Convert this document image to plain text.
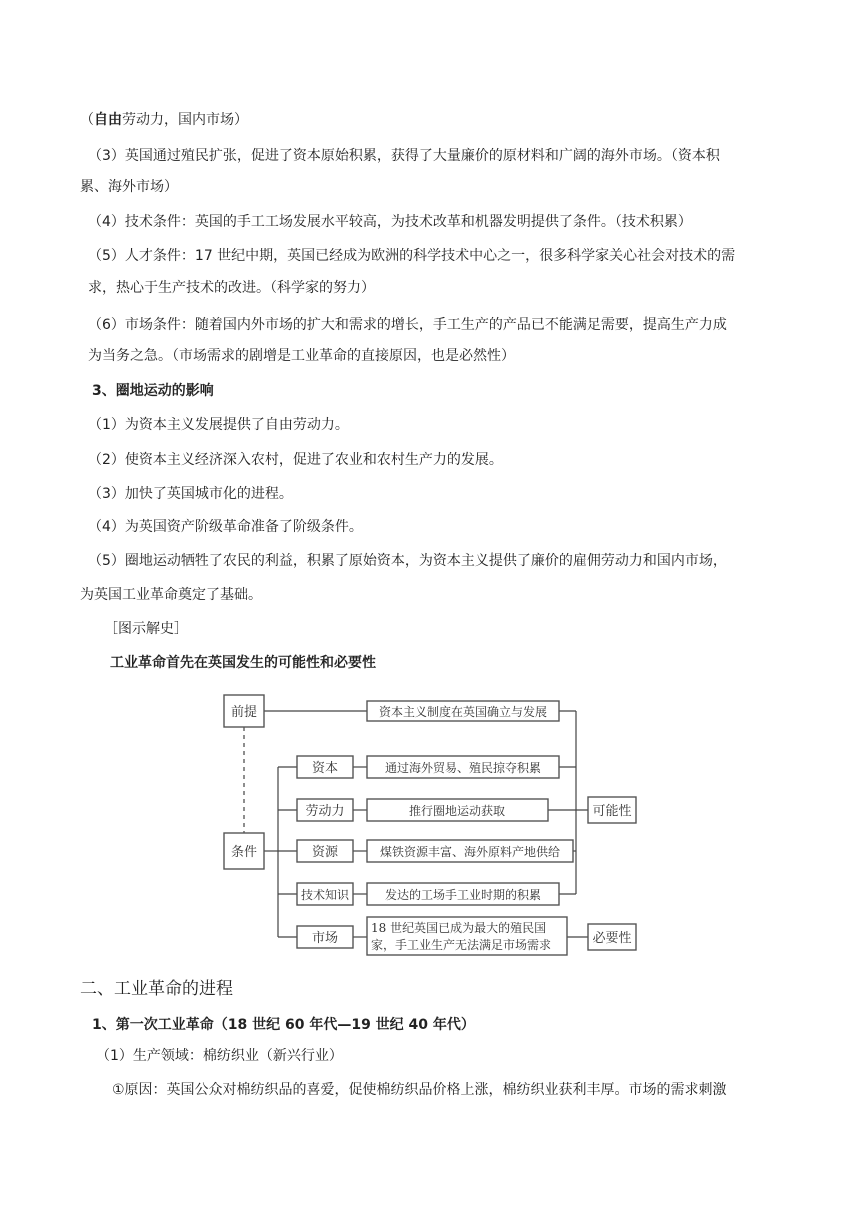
（自由劳动力，国内市场）
（3）英国通过殖民扩张，促进了资本原始积累，获得了大量廉价的原材料和广阔的海外市场。（资本积
累、海外市场）
（4）技术条件：英国的手工工场发展水平较高，为技术改革和机器发明提供了条件。（技术积累）
（5）人才条件：17 世纪中期，英国已经成为欧洲的科学技术中心之一，很多科学家关心社会对技术的需
求，热心于生产技术的改进。（科学家的努力）
（6）市场条件：随着国内外市场的扩大和需求的增长，手工生产的产品已不能满足需要，提高生产力成
为当务之急。（市场需求的剧增是工业革命的直接原因，也是必然性）
3、圈地运动的影响
（1）为资本主义发展提供了自由劳动力。
（2）使资本主义经济深入农村，促进了农业和农村生产力的发展。
（3）加快了英国城市化的进程。
（4）为英国资产阶级革命准备了阶级条件。
（5）圈地运动牺牲了农民的利益，积累了原始资本，为资本主义提供了廉价的雇佣劳动力和国内市场，
为英国工业革命奠定了基础。
［图示解史］
工业革命首先在英国发生的可能性和必要性
前提	资本主义制度在英国确立与发展
条件
资本	通过海外贸易、殖民掠夺积累
劳动力	推行圈地运动获取
资源	煤铁资源丰富、海外原料产地供给
技术知识	发达的工场手工业时期的积累
市场
18 世纪英国已成为最大的殖民国
家，手工业生产无法满足市场需求
可能性
必要性
二、工业革命的进程
1、第一次工业革命（18 世纪 60 年代—19 世纪 40 年代）
（1）生产领域：棉纺织业（新兴行业）
①原因：英国公众对棉纺织品的喜爱，促使棉纺织品价格上涨，棉纺织业获利丰厚。市场的需求刺激
